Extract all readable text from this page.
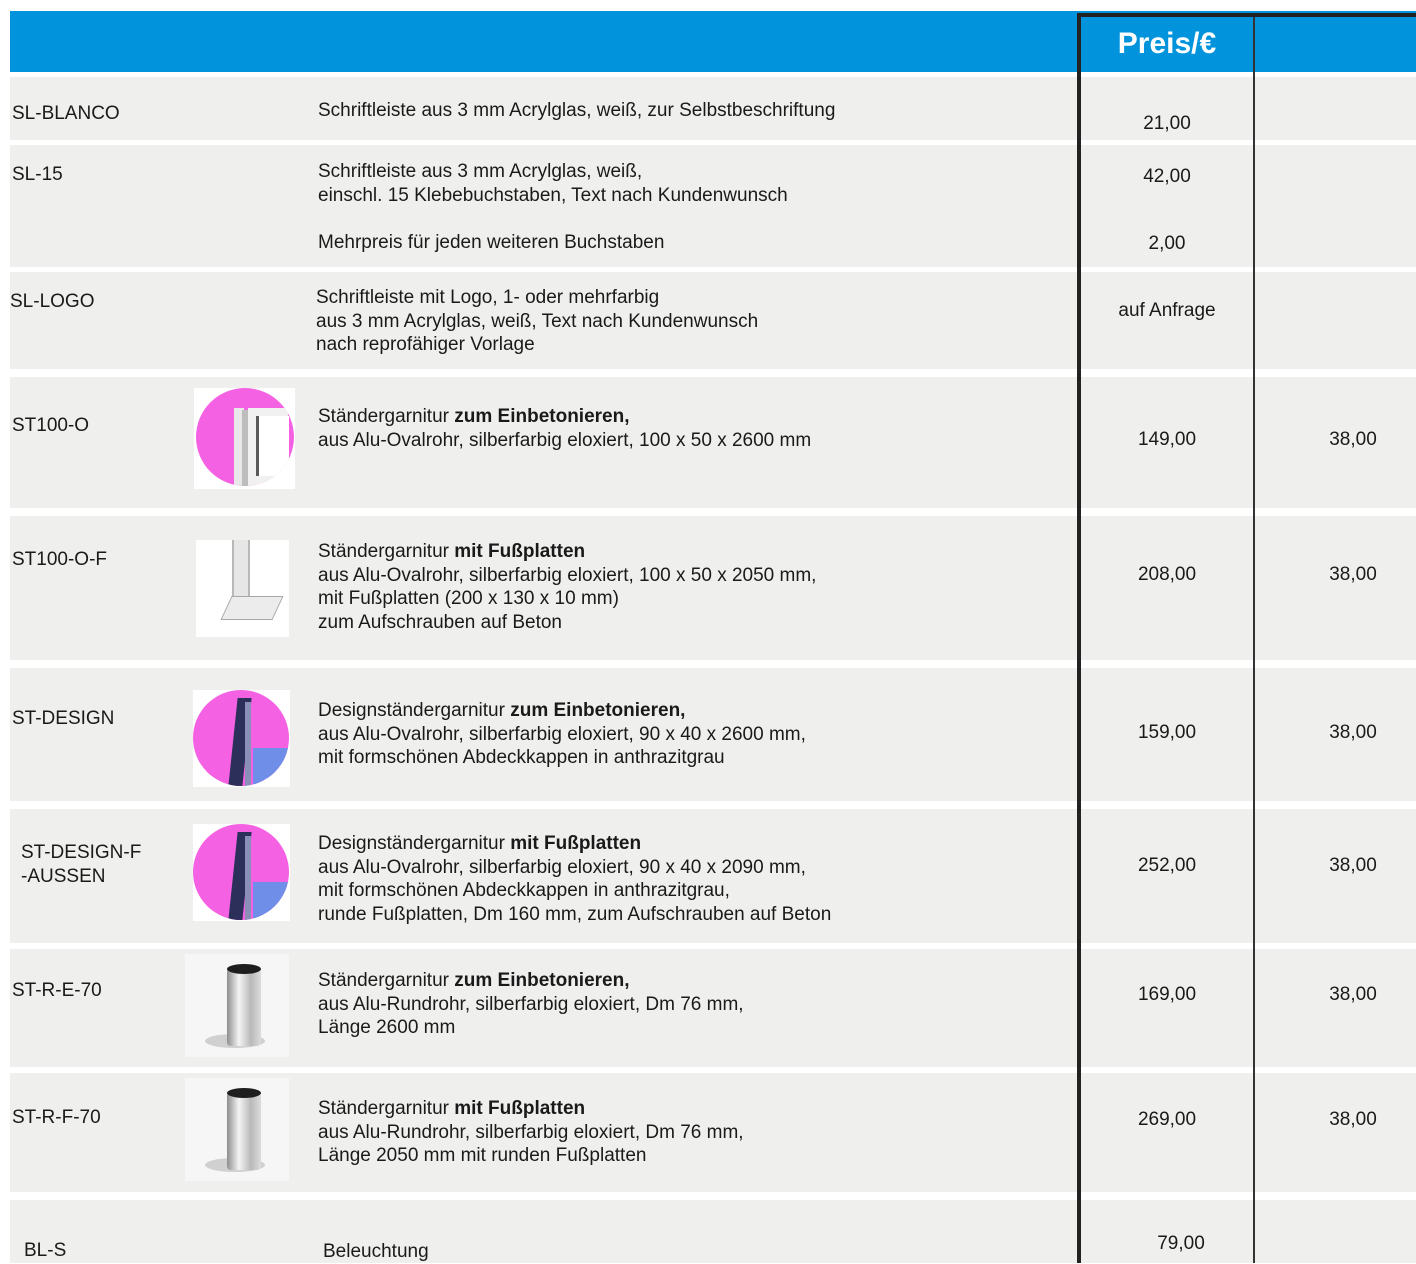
Preis/€
SL-BLANCO	Schriftleiste aus 3 mm Acrylglas, weiß, zur Selbstbeschriftung
21,00
SL-15	Schriftleiste aus 3 mm Acrylglas, weiß,
einschl. 15 Klebebuchstaben, Text nach Kundenwunsch
42,00
Mehrpreis für jeden weiteren Buchstaben	2,00
SL-LOGO	Schriftleiste mit Logo, 1- oder mehrfarbig
aus 3 mm Acrylglas, weiß, Text nach Kundenwunsch
nach reprofähiger Vorlage
auf Anfrage
ST100-O	Ständergarnitur zum Einbetonieren,
aus Alu-Ovalrohr, silberfarbig eloxiert, 100 x 50 x 2600 mm	149,00	38,00
ST100-O-F	Ständergarnitur mit Fußplatten
aus Alu-Ovalrohr, silberfarbig eloxiert, 100 x 50 x 2050 mm,
mit Fußplatten (200 x 130 x 10 mm)
zum Aufschrauben auf Beton
208,00	38,00
ST-DESIGN	Designständergarnitur zum Einbetonieren,
aus Alu-Ovalrohr, silberfarbig eloxiert, 90 x 40 x 2600 mm,
mit formschönen Abdeckkappen in anthrazitgrau
159,00	38,00
ST-DESIGN-F
-AUSSEN
Designständergarnitur mit Fußplatten
aus Alu-Ovalrohr, silberfarbig eloxiert, 90 x 40 x 2090 mm,
mit formschönen Abdeckkappen in anthrazitgrau,
runde Fußplatten, Dm 160 mm, zum Aufschrauben auf Beton
252,00	38,00
ST-R-E-70	Ständergarnitur zum Einbetonieren,
aus Alu-Rundrohr, silberfarbig eloxiert, Dm 76 mm,
Länge 2600 mm
169,00	38,00
ST-R-F-70	Ständergarnitur mit Fußplatten
aus Alu-Rundrohr, silberfarbig eloxiert, Dm 76 mm,
Länge 2050 mm mit runden Fußplatten
269,00	38,00
BL-S	Beleuchtung	79,00
